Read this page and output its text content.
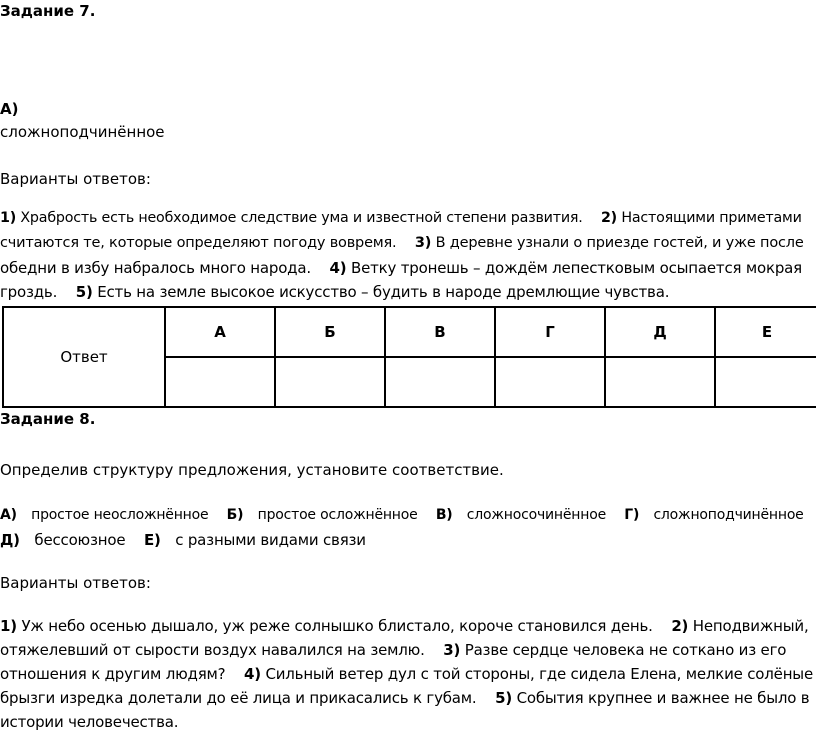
Задание 7.
А)
сложноподчинённое
Варианты ответов:
1) Храбрость есть необходимое следствие ума и известной степени развития. 2) Настоящими приметами
считаются те, которые определяют погоду вовремя. 3) В деревне узнали о приезде гостей, и уже после
обедни в избу набралось много народа. 4) Ветку тронешь – дождём лепестковым осыпается мокрая
гроздь. 5) Есть на земле высокое искусство – будить в народе дремлющие чувства.
Ответ	А	Б	В	Г	Д	Е

Задание 8.
Определив структуру предложения, установите соответствие.
А) простое неосложнённое Б) простое осложнённое В) сложносочинённое Г) сложноподчинённое
Д) бессоюзное Е) с разными видами связи
Варианты ответов:
1) Уж небо осенью дышало, уж реже солнышко блистало, короче становился день. 2) Неподвижный,
отяжелевший от сырости воздух навалился на землю. 3) Разве сердце человека не соткано из его
отношения к другим людям? 4) Сильный ветер дул с той стороны, где сидела Елена, мелкие солёные
брызги изредка долетали до её лица и прикасались к губам. 5) События крупнее и важнее не было в
истории человечества.
